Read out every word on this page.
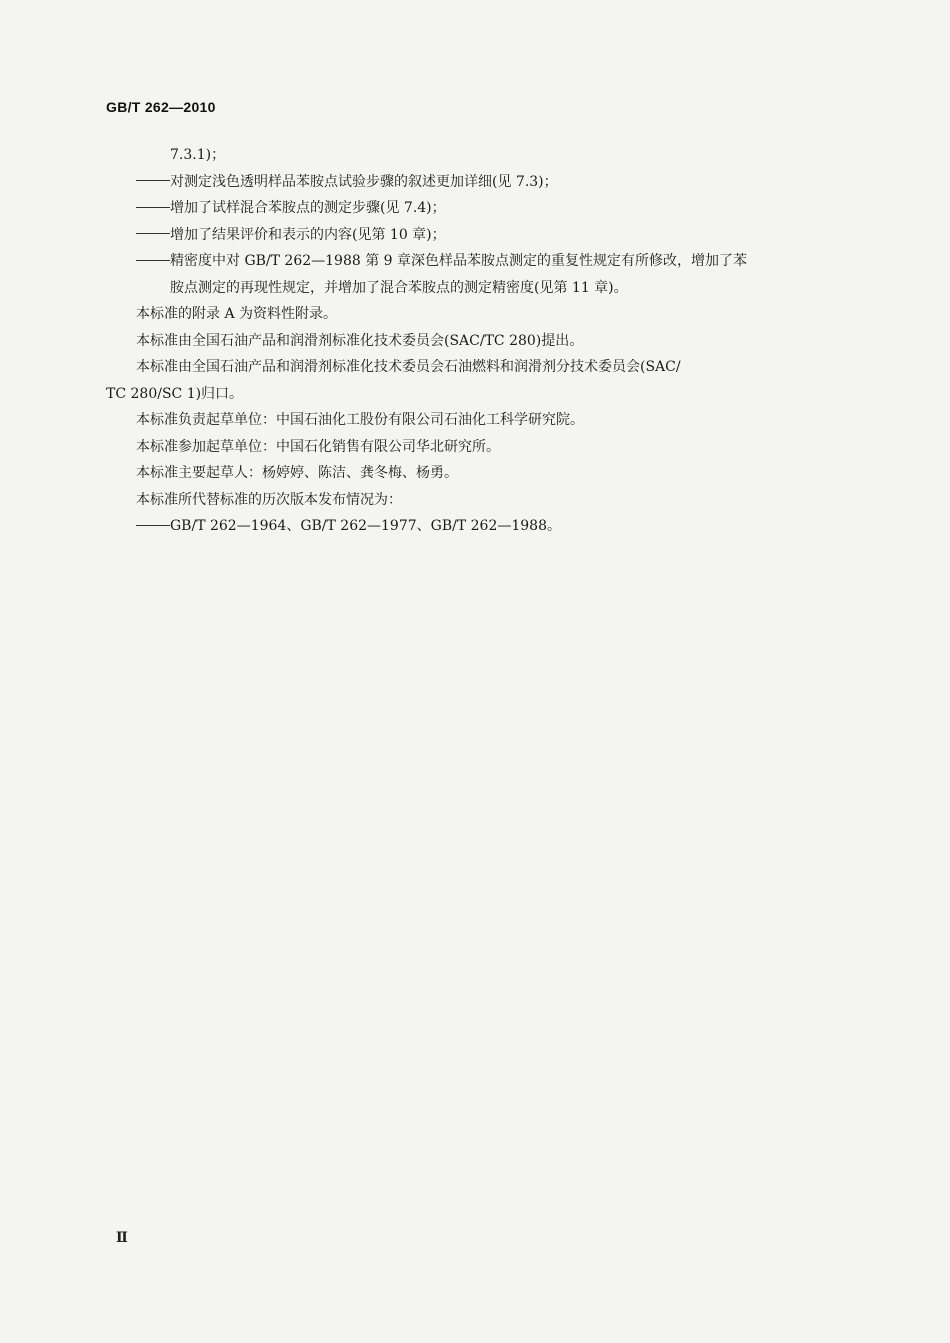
GB/T 262—2010
7.3.1)；
对测定浅色透明样品苯胺点试验步骤的叙述更加详细(见 7.3)；
增加了试样混合苯胺点的测定步骤(见 7.4)；
增加了结果评价和表示的内容(见第 10 章)；
精密度中对 GB/T 262—1988 第 9 章深色样品苯胺点测定的重复性规定有所修改，增加了苯
胺点测定的再现性规定，并增加了混合苯胺点的测定精密度(见第 11 章)。
本标准的附录 A 为资料性附录。
本标准由全国石油产品和润滑剂标准化技术委员会(SAC/TC 280)提出。
本标准由全国石油产品和润滑剂标准化技术委员会石油燃料和润滑剂分技术委员会(SAC/
TC 280/SC 1)归口。
本标准负责起草单位：中国石油化工股份有限公司石油化工科学研究院。
本标准参加起草单位：中国石化销售有限公司华北研究所。
本标准主要起草人：杨婷婷、陈洁、龚冬梅、杨勇。
本标准所代替标准的历次版本发布情况为：
GB/T 262—1964、GB/T 262—1977、GB/T 262—1988。
Ⅱ
